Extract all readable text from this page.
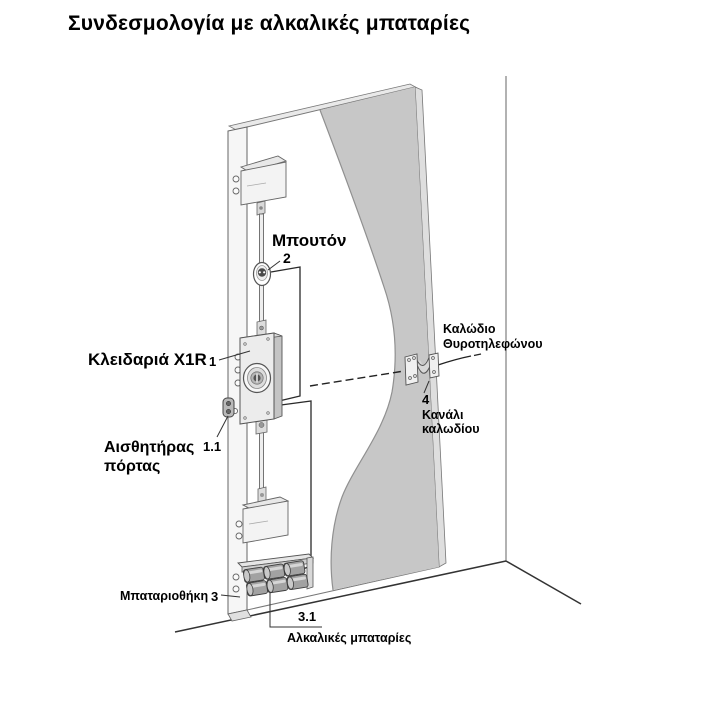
Συνδεσμολογία με αλκαλικές μπαταρίες
Μπουτόν
2
Κλειδαριά X1R 1
Αισθητήρας 1.1
πόρτας
Καλώδιο
Θυροτηλεφώνου
4
Κανάλι
καλωδίου
Μπαταριοθήκη 3
3.1
Αλκαλικές μπαταρίες
